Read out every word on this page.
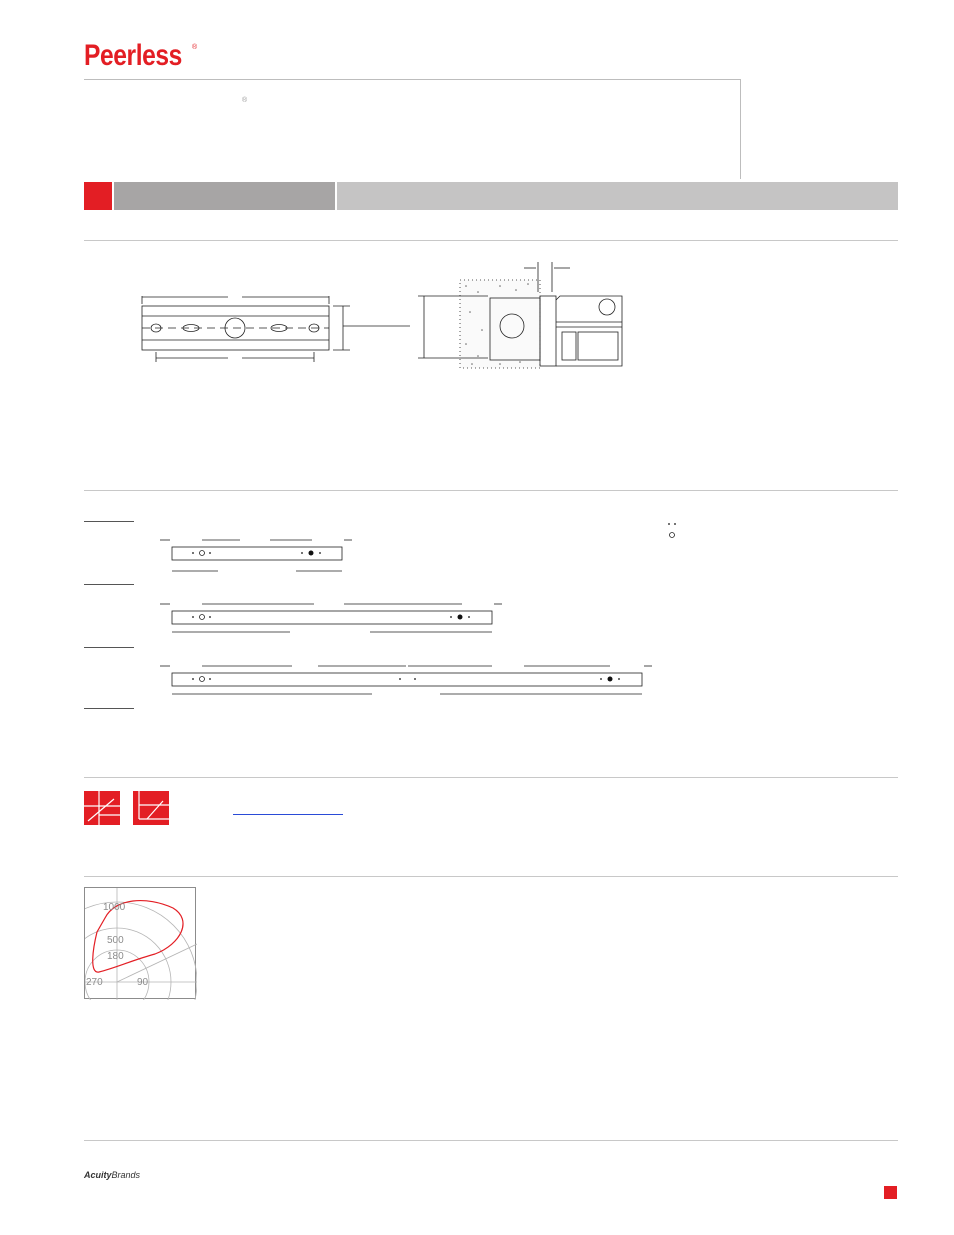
Peerless ®
®
1000
500
180
270	90
AcuityBrands
